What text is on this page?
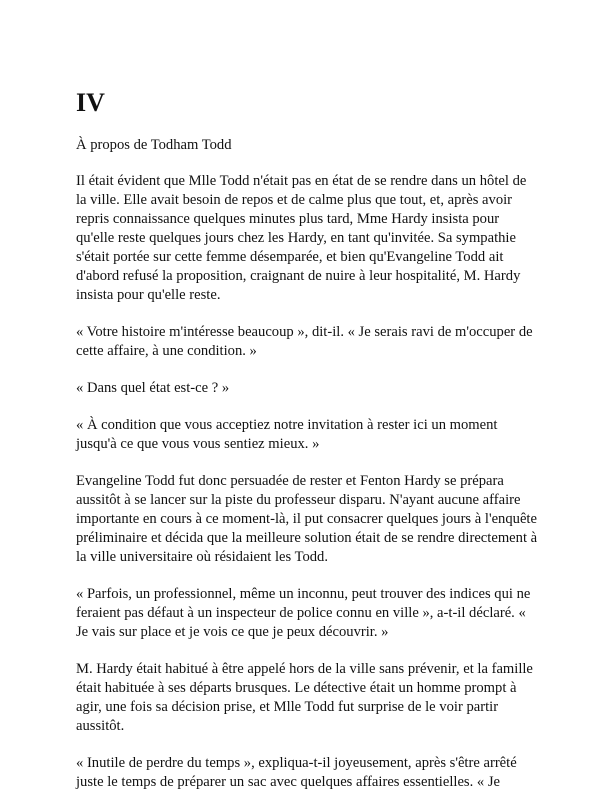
IV

À propos de Todham Todd

Il était évident que Mlle Todd n'était pas en état de se rendre dans un hôtel de la ville. Elle avait besoin de repos et de calme plus que tout, et, après avoir repris connaissance quelques minutes plus tard, Mme Hardy insista pour qu'elle reste quelques jours chez les Hardy, en tant qu'invitée. Sa sympathie s'était portée sur cette femme désemparée, et bien qu'Evangeline Todd ait d'abord refusé la proposition, craignant de nuire à leur hospitalité, M. Hardy insista pour qu'elle reste.

« Votre histoire m'intéresse beaucoup », dit-il. « Je serais ravi de m'occuper de cette affaire, à une condition. »

« Dans quel état est-ce ? »

« À condition que vous acceptiez notre invitation à rester ici un moment jusqu'à ce que vous vous sentiez mieux. »

Evangeline Todd fut donc persuadée de rester et Fenton Hardy se prépara aussitôt à se lancer sur la piste du professeur disparu. N'ayant aucune affaire importante en cours à ce moment-là, il put consacrer quelques jours à l'enquête préliminaire et décida que la meilleure solution était de se rendre directement à la ville universitaire où résidaient les Todd.

« Parfois, un professionnel, même un inconnu, peut trouver des indices qui ne feraient pas défaut à un inspecteur de police connu en ville », a-t-il déclaré. « Je vais sur place et je vois ce que je peux découvrir. »

M. Hardy était habitué à être appelé hors de la ville sans prévenir, et la famille était habituée à ses départs brusques. Le détective était un homme prompt à agir, une fois sa décision prise, et Mlle Todd fut surprise de le voir partir aussitôt.

« Inutile de perdre du temps », expliqua-t-il joyeusement, après s'être arrêté juste le temps de préparer un sac avec quelques affaires essentielles. « Je
